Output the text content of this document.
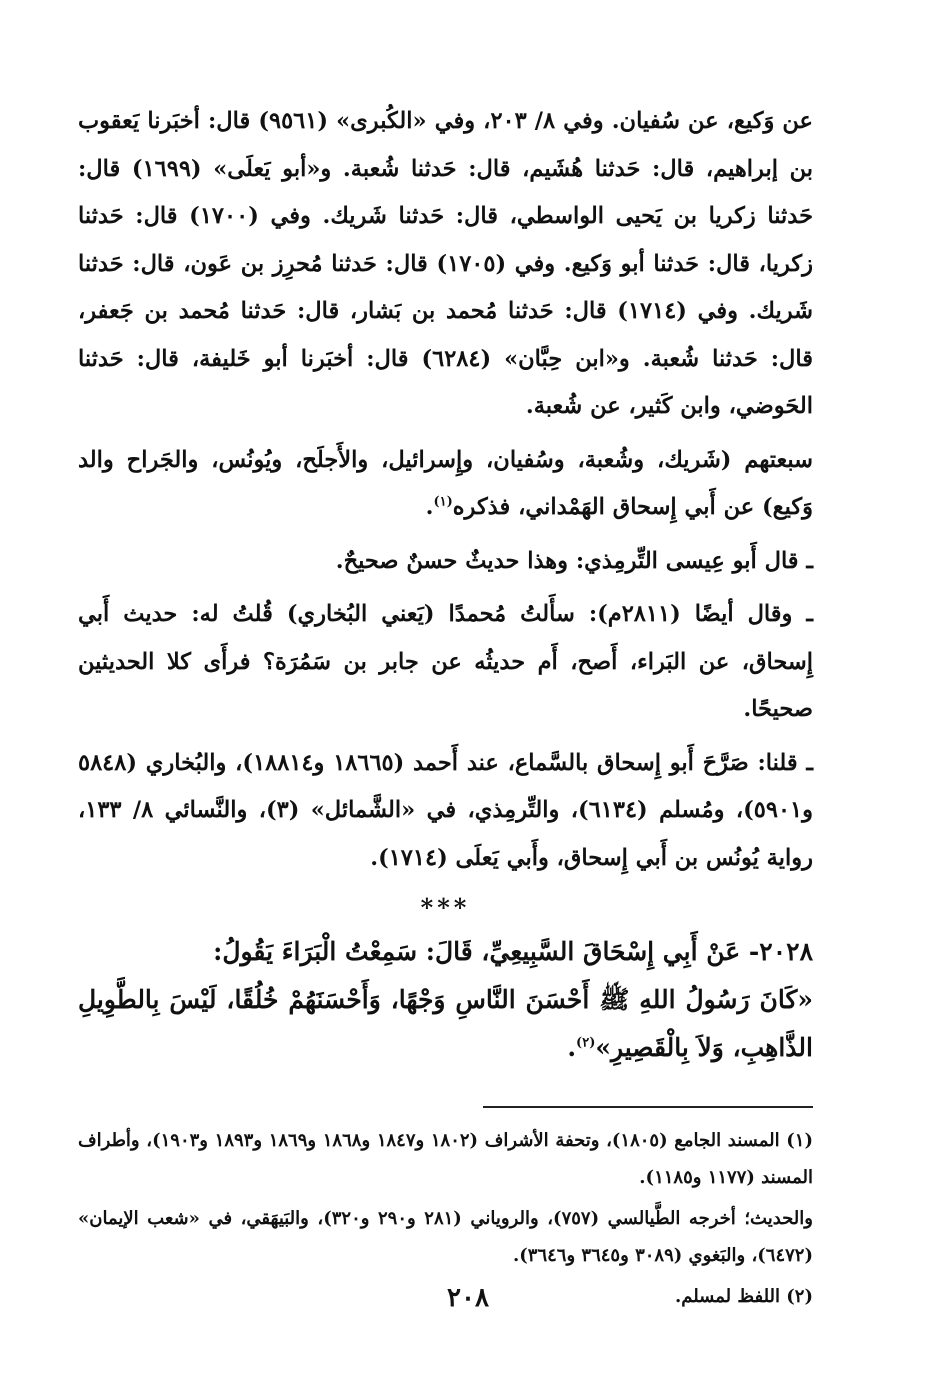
عن وَكيع، عن سُفيان. وفي ٨/ ٢٠٣، وفي «الكُبرى» (٩٥٦١) قال: أخبَرنا يَعقوب بن إبراهيم، قال: حَدثنا هُشَيم، قال: حَدثنا شُعبة. و«أبو يَعلَى» (١٦٩٩) قال: حَدثنا زكريا بن يَحيى الواسطي، قال: حَدثنا شَريك. وفي (١٧٠٠) قال: حَدثنا زكريا، قال: حَدثنا أبو وَكيع. وفي (١٧٠٥) قال: حَدثنا مُحرِز بن عَون، قال: حَدثنا شَريك. وفي (١٧١٤) قال: حَدثنا مُحمد بن بَشار، قال: حَدثنا مُحمد بن جَعفر، قال: حَدثنا شُعبة. و«ابن حِبَّان» (٦٢٨٤) قال: أخبَرنا أبو خَليفة، قال: حَدثنا الحَوضي، وابن كَثير، عن شُعبة.

سبعتهم (شَريك، وشُعبة، وسُفيان، وإِسرائيل، والأَجلَح، ويُونُس، والجَراح والد وَكيع) عن أَبي إِسحاق الهَمْداني، فذكره$^{(١)}$.

ـ قال أَبو عِيسى التِّرمِذي: وهذا حديثٌ حسنٌ صحيحٌ.

ـ وقال أيضًا (٢٨١١م): سأَلتُ مُحمدًا (يَعني البُخاري) قُلتُ له: حديث أَبي إِسحاق، عن البَراء، أَصح، أَم حديثُه عن جابر بن سَمُرَة؟ فرأَى كلا الحديثين صحيحًا.

ـ قلنا: صَرَّحَ أَبو إِسحاق بالسَّماع، عند أَحمد (١٨٦٦٥ و١٨٨١٤)، والبُخاري (٥٨٤٨ و٥٩٠١)، ومُسلم (٦١٣٤)، والتِّرمِذي، في «الشَّمائل» (٣)، والنَّسائي ٨/ ١٣٣، رواية يُونُس بن أَبي إِسحاق، وأَبي يَعلَى (١٧١٤).

***

٢٠٢٨- عَنْ أَبِي إِسْحَاقَ السَّبِيعِيِّ، قَالَ: سَمِعْتُ الْبَرَاءَ يَقُولُ:

«كَانَ رَسُولُ اللهِ ﷺ أَحْسَنَ النَّاسِ وَجْهًا، وَأَحْسَنَهُمْ خُلُقًا، لَيْسَ بِالطَّوِيلِ الذَّاهِبِ، وَلاَ بِالْقَصِيرِ»$^{(٢)}$.

(١) المسند الجامع (١٨٠٥)، وتحفة الأشراف (١٨٠٢ و١٨٤٧ و١٨٦٨ و١٨٦٩ و١٨٩٣ و١٩٠٣)، وأطراف المسند (١١٧٧ و١١٨٥).

والحديث؛ أخرجه الطَّيالسي (٧٥٧)، والروياني (٢٨١ و٢٩٠ و٣٢٠)، والبَيهَقي، في «شعب الإيمان» (٦٤٧٢)، والبَغوي (٣٠٨٩ و٣٦٤٥ و٣٦٤٦).

(٢) اللفظ لمسلم.

٢٠٨
